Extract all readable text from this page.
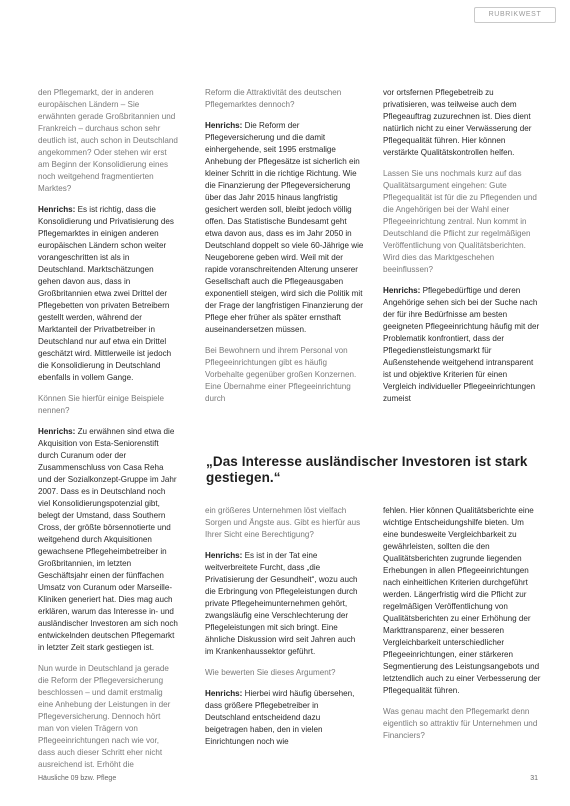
RUBRIKWEST

den Pflegemarkt, der in anderen europäischen Ländern – Sie erwähnten gerade Großbritannien und Frankreich – durchaus schon sehr deutlich ist, auch schon in Deutschland angekommen? Oder stehen wir erst am Beginn der Konsolidierung eines noch weitgehend fragmentierten Marktes?

Henrichs: Es ist richtig, dass die Konsolidierung und Privatisierung des Pflegemarktes in einigen anderen europäischen Ländern schon weiter vorangeschritten ist als in Deutschland. Marktschätzungen gehen davon aus, dass in Großbritannien etwa zwei Drittel der Pflegebetten von privaten Betreibern gestellt werden, während der Marktanteil der Privatbetreiber in Deutschland nur auf etwa ein Drittel geschätzt wird. Mittlerweile ist jedoch die Konsolidierung in Deutschland ebenfalls in vollem Gange.

Können Sie hierfür einige Beispiele nennen?

Henrichs: Zu erwähnen sind etwa die Akquisition von Esta-Seniorenstift durch Curanum oder der Zusammenschluss von Casa Reha und der Sozialkonzept-Gruppe im Jahr 2007. Dass es in Deutschland noch viel Konsolidierungspotenzial gibt, belegt der Umstand, dass Southern Cross, der größte börsennotierte und weitgehend durch Akquisitionen gewachsene Pflegeheimbetreiber in Großbritannien, im letzten Geschäftsjahr einen der fünffachen Umsatz von Curanum oder Marseille-Kliniken generiert hat. Dies mag auch erklären, warum das Interesse in- und ausländischer Investoren am sich noch entwickelnden deutschen Pflegemarkt in letzter Zeit stark gestiegen ist.

Nun wurde in Deutschland ja gerade die Reform der Pflegeversicherung beschlossen – und damit erstmalig eine Anhebung der Leistungen in der Pflegeversicherung. Dennoch hört man von vielen Trägern von Pflegeeinrichtungen nach wie vor, dass auch dieser Schritt eher nicht ausreichend ist. Erhöht die

Reform die Attraktivität des deutschen Pflegemarktes dennoch?

Henrichs: Die Reform der Pflegeversicherung und die damit einhergehende, seit 1995 erstmalige Anhebung der Pflegesätze ist sicherlich ein kleiner Schritt in die richtige Richtung. Wie die Finanzierung der Pflegeversicherung über das Jahr 2015 hinaus langfristig gesichert werden soll, bleibt jedoch völlig offen. Das Statistische Bundesamt geht etwa davon aus, dass es im Jahr 2050 in Deutschland doppelt so viele 60-Jährige wie Neugeborene geben wird. Weil mit der rapide voranschreitenden Alterung unserer Gesellschaft auch die Pflegeausgaben exponentiell steigen, wird sich die Politik mit der Frage der langfristigen Finanzierung der Pflege eher früher als später ernsthaft auseinandersetzen müssen.

Bei Bewohnern und ihrem Personal von Pflegeeinrichtungen gibt es häufig Vorbehalte gegenüber großen Konzernen. Eine Übernahme einer Pflegeeinrichtung durch

vor ortsfernen Pflegebetreib zu privatisieren, was teilweise auch dem Pflegeauftrag zuzurechnen ist. Dies dient natürlich nicht zu einer Verwässerung der Pflegequalität führen. Hier können verstärkte Qualitätskontrollen helfen.

Lassen Sie uns nochmals kurz auf das Qualitätsargument eingehen: Gute Pflegequalität ist für die zu Pflegenden und die Angehörigen bei der Wahl einer Pflegeeinrichtung zentral. Nun kommt in Deutschland die Pflicht zur regelmäßigen Veröffentlichung von Qualitätsberichten. Wird dies das Marktgeschehen beeinflussen?

Henrichs: Pflegebedürftige und deren Angehörige sehen sich bei der Suche nach der für ihre Bedürfnisse am besten geeigneten Pflegeeinrichtung häufig mit der Problematik konfrontiert, dass der Pflegedienstleistungsmarkt für Außenstehende weitgehend intransparent ist und objektive Kriterien für einen Vergleich individueller Pflegeeinrichtungen zumeist

„Das Interesse ausländischer Investoren ist stark gestiegen.“

ein größeres Unternehmen löst vielfach Sorgen und Ängste aus. Gibt es hierfür aus Ihrer Sicht eine Berechtigung?

Henrichs: Es ist in der Tat eine weitverbreitete Furcht, dass „die Privatisierung der Gesundheit“, wozu auch die Erbringung von Pflegeleistungen durch private Pflegeheimunternehmen gehört, zwangsläufig eine Verschlechterung der Pflegeleistungen mit sich bringt. Eine ähnliche Diskussion wird seit Jahren auch im Krankenhaussektor geführt.

Wie bewerten Sie dieses Argument?

Henrichs: Hierbei wird häufig übersehen, dass größere Pflegebetreiber in Deutschland entscheidend dazu beigetragen haben, den in vielen Einrichtungen noch wie

fehlen. Hier können Qualitätsberichte eine wichtige Entscheidungshilfe bieten. Um eine bundesweite Vergleichbarkeit zu gewährleisten, sollten die den Qualitätsberichten zugrunde liegenden Erhebungen in allen Pflegeeinrichtungen nach einheitlichen Kriterien durchgeführt werden. Längerfristig wird die Pflicht zur regelmäßigen Veröffentlichung von Qualitätsberichten zu einer Erhöhung der Markttransparenz, einer besseren Vergleichbarkeit unterschiedlicher Pflegeeinrichtungen, einer stärkeren Segmentierung des Leistungsangebots und letztendlich auch zu einer Verbesserung der Pflegequalität führen.

Was genau macht den Pflegemarkt denn eigentlich so attraktiv für Unternehmen und Financiers?

Häusliche 09 bzw. Pflege	31
